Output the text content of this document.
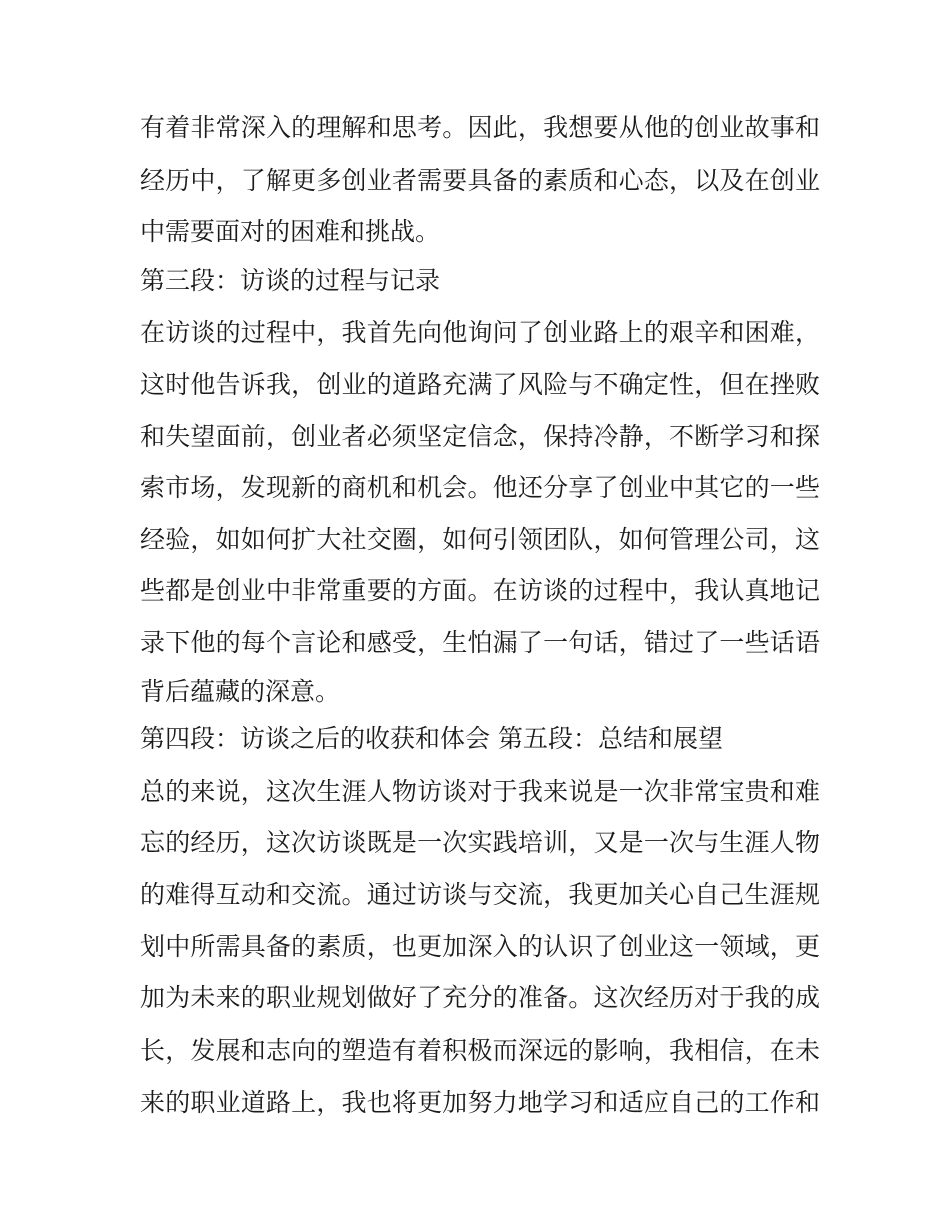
有着非常深入的理解和思考。因此，我想要从他的创业故事和
经历中，了解更多创业者需要具备的素质和心态，以及在创业
中需要面对的困难和挑战。
第三段：访谈的过程与记录
在访谈的过程中，我首先向他询问了创业路上的艰辛和困难，
这时他告诉我，创业的道路充满了风险与不确定性，但在挫败
和失望面前，创业者必须坚定信念，保持冷静，不断学习和探
索市场，发现新的商机和机会。他还分享了创业中其它的一些
经验，如如何扩大社交圈，如何引领团队，如何管理公司，这
些都是创业中非常重要的方面。在访谈的过程中，我认真地记
录下他的每个言论和感受，生怕漏了一句话，错过了一些话语
背后蕴藏的深意。
第四段：访谈之后的收获和体会 第五段：总结和展望
总的来说，这次生涯人物访谈对于我来说是一次非常宝贵和难
忘的经历，这次访谈既是一次实践培训，又是一次与生涯人物
的难得互动和交流。通过访谈与交流，我更加关心自己生涯规
划中所需具备的素质，也更加深入的认识了创业这一领域，更
加为未来的职业规划做好了充分的准备。这次经历对于我的成
长，发展和志向的塑造有着积极而深远的影响，我相信，在未
来的职业道路上，我也将更加努力地学习和适应自己的工作和
